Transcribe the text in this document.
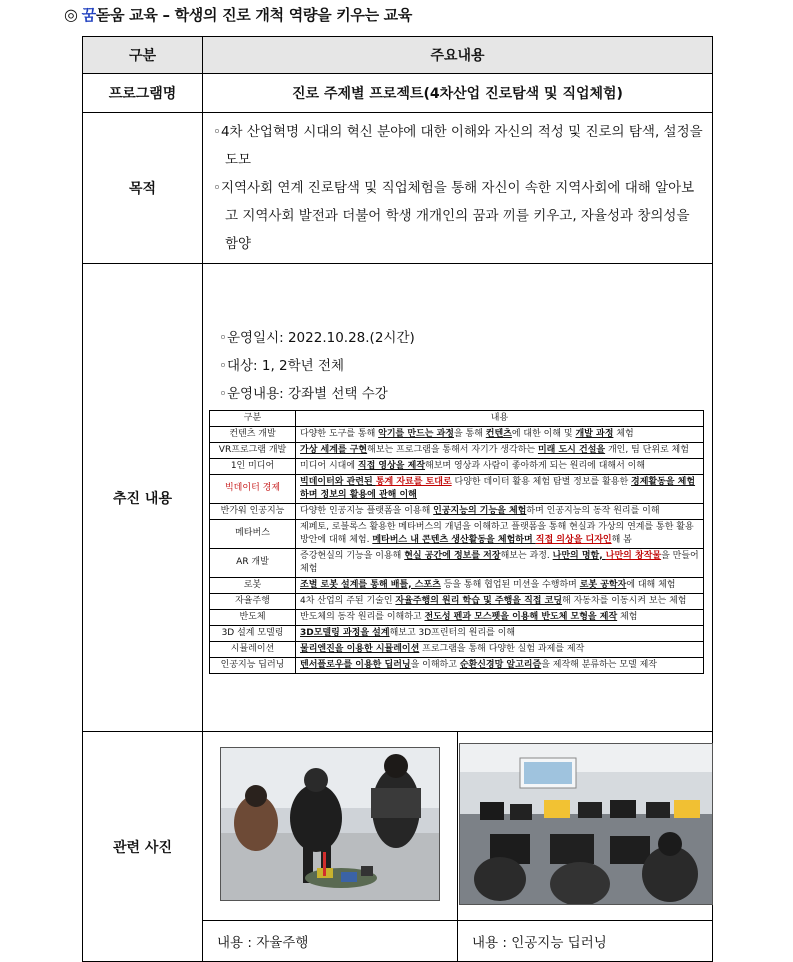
◎ 꿈돋움 교육 – 학생의 진로 개척 역량을 키우는 교육
구분	주요내용
프로그램명	진로 주제별 프로젝트(4차산업 진로탐색 및 직업체험)
목적	

◦4차 산업혁명 시대의 혁신 분야에 대한 이해와 자신의 적성 및 진로의 탐색, 설정을 도모

◦지역사회 연계 진로탐색 및 직업체험을 통해 자신이 속한 지역사회에 대해 알아보고 지역사회 발전과 더불어 학생 개개인의 꿈과 끼를 키우고, 자율성과 창의성을 함양

추진 내용	
◦운영일시: 2022.10.28.(2시간)
◦대상: 1, 2학년 전체
◦운영내용: 강좌별 선택 수강
구분	내용
컨텐츠 개발	다양한 도구를 통해 악기를 만드는 과정을 통해 컨텐츠에 대한 이해 및 개발 과정 체험
VR프로그램 개발	가상 세계를 구현해보는 프로그램을 통해서 자기가 생각하는 미래 도시 건설을 개인, 팀 단위로 체험
1인 미디어	미디어 시대에 직접 영상을 제작해보며 영상과 사람이 좋아하게 되는 원리에 대해서 이해
빅데이터 경제	빅데이터와 관련된 통계 자료를 토대로 다양한 데이터 활용 체험 탐별 정보를 활용한 경제활동을 체험하며 정보의 활용에 관해 이해
반가워 인공지능	다양한 인공지능 플랫폼을 이용해 인공지능의 기능을 체험하며 인공지능의 동작 원리를 이해
메타버스	제페토, 로블록스 활용한 메타버스의 개념을 이해하고 플랫폼을 통해 현실과 가상의 연계를 통한 활용 방안에 대해 체험. 메타버스 내 콘텐츠 생산활동을 체험하며 직접 의상을 디자인해 봄
AR 개발	증강현실의 기능을 이용해 현실 공간에 정보를 저장해보는 과정. 나만의 명함, 나만의 창작물을 만들어 체험
로봇	조별 로봇 설계를 통해 배틀, 스포츠 등을 통해 협업된 미션을 수행하며 로봇 공학자에 대해 체험
자율주행	4차 산업의 주된 기술인 자율주행의 원리 학습 및 주행을 직접 코딩해 자동차를 이동시켜 보는 체험
반도체	반도체의 동작 원리를 이해하고 전도성 펜과 모스펫을 이용해 반도체 모형을 제작 체험
3D 설계 모델링	3D모델링 과정을 설계해보고 3D프린터의 원리를 이해
시뮬레이션	물리엔진을 이용한 시뮬레이션 프로그램을 통해 다양한 실험 과제를 제작
인공지능 딥러닝	텐서플로우를 이용한 딥러닝을 이해하고 순환신경망 알고리즘을 제작해 분류하는 모델 제작

관련 사진	

내용 : 자율주행	내용 : 인공지능 딥러닝
